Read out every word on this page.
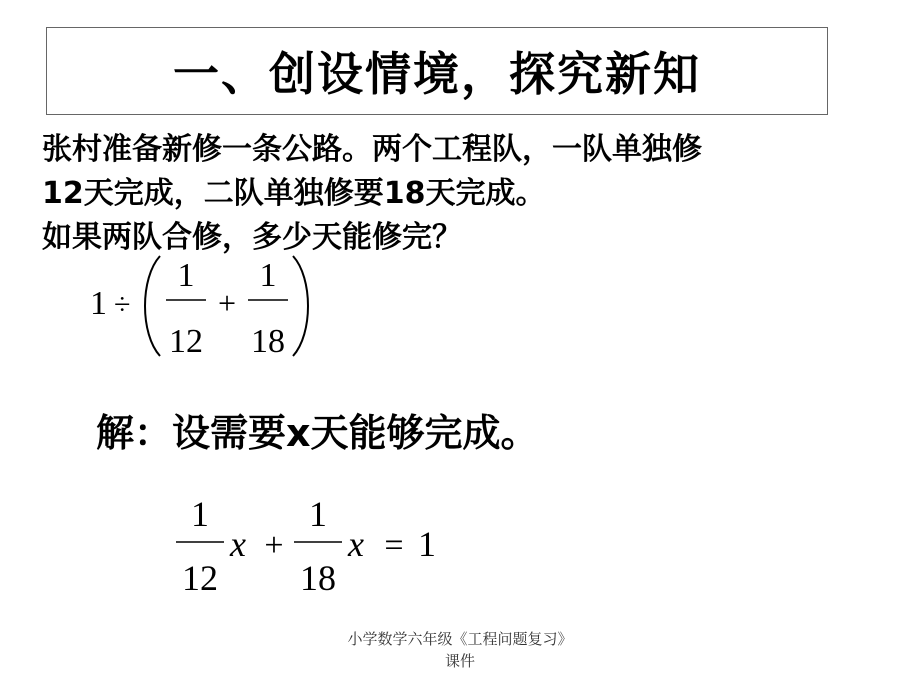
一、创设情境，探究新知
张村准备新修一条公路。两个工程队，一队单独修
12天完成，二队单独修要18天完成。
如果两队合修，多少天能修完？
1 ÷
1
12
+
1
18
解：设需要x天能够完成。
1
12
x +
1
18
x = 1
小学数学六年级《工程问题复习》
课件
